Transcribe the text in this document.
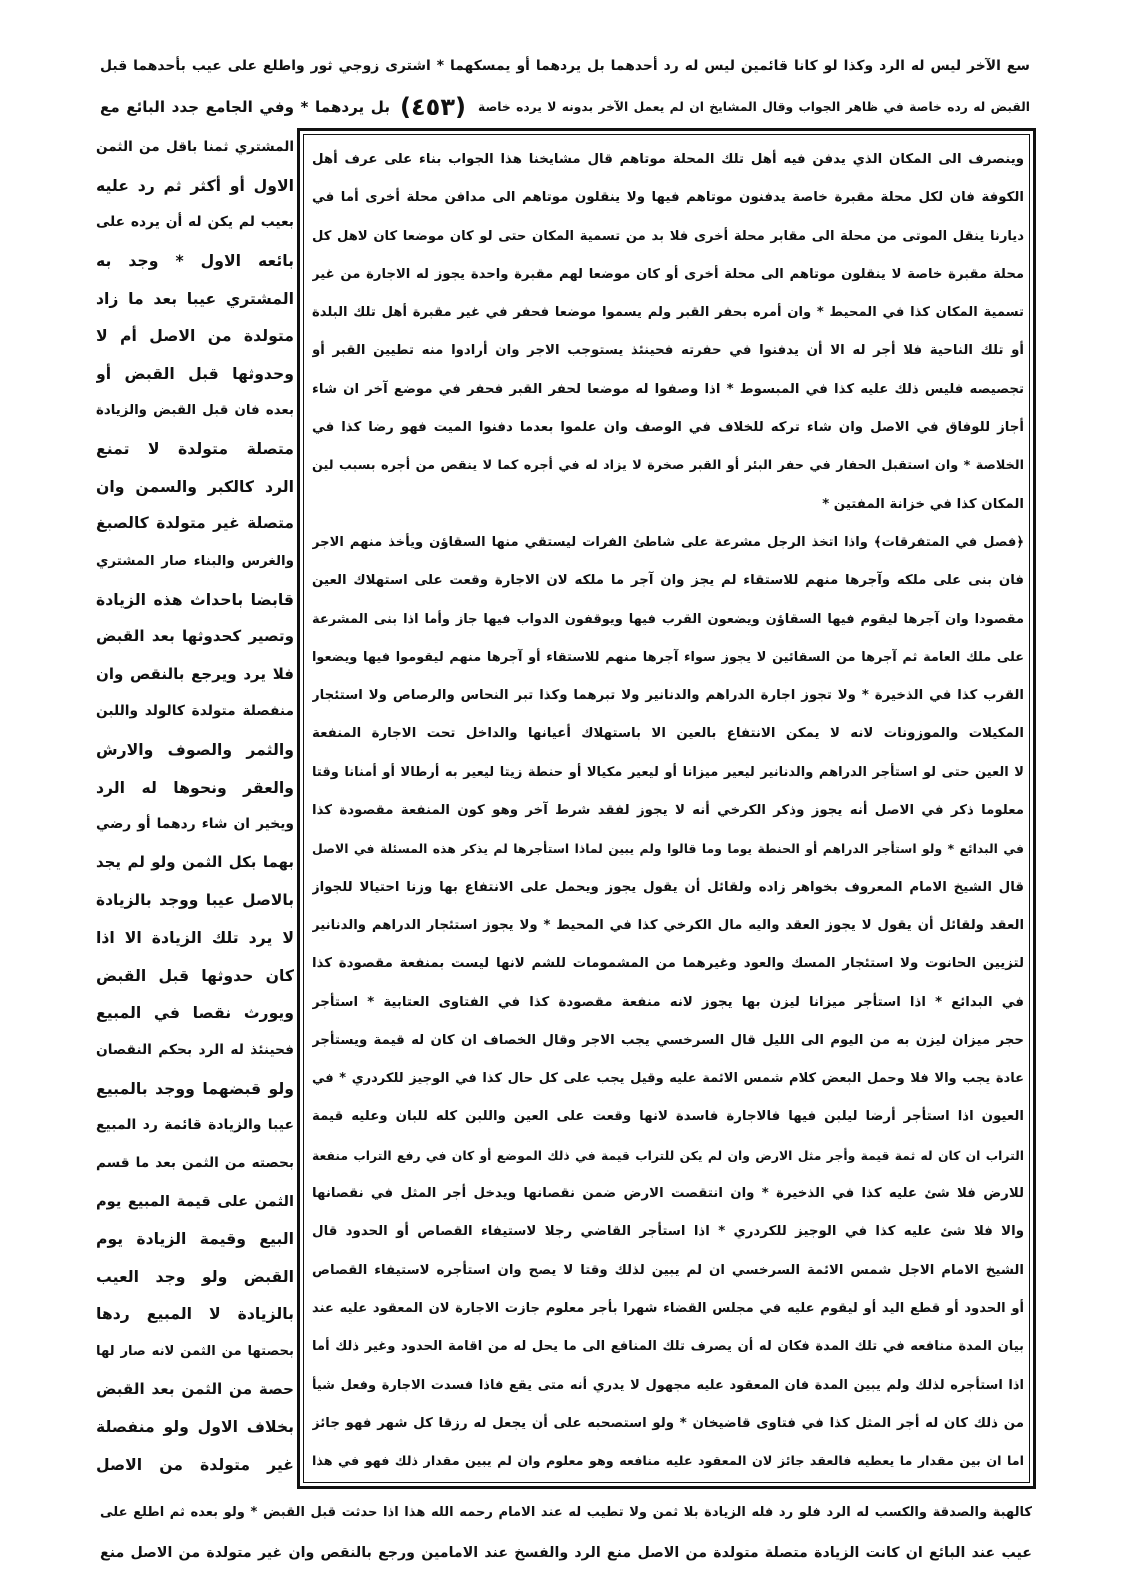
سع الآخر ليس له الرد وكذا لو كانا قائمين ليس له رد أحدهما بل يردهما أو يمسكهما * اشترى زوجي ثور واطلع على عيب بأحدهما قبل
القبض له رده خاصة في ظاهر الجواب وقال المشايخ ان لم يعمل الآخر بدونه لا يرده خاصة
(٤٥٣)
بل يردهما * وفي الجامع جدد البائع مع
وينصرف الى المكان الذي يدفن فيه أهل تلك المحلة موتاهم قال مشايخنا هذا الجواب بناء على عرف أهل
الكوفة فان لكل محلة مقبرة خاصة يدفنون موتاهم فيها ولا ينقلون موتاهم الى مدافن محلة أخرى أما في
ديارنا ينقل الموتى من محلة الى مقابر محلة أخرى فلا بد من تسمية المكان حتى لو كان موضعا كان لاهل كل
محلة مقبرة خاصة لا ينقلون موتاهم الى محلة أخرى أو كان موضعا لهم مقبرة واحدة يجوز له الاجارة من غير
تسمية المكان كذا في المحيط * وان أمره بحفر القبر ولم يسموا موضعا فحفر في غير مقبرة أهل تلك البلدة
أو تلك الناحية فلا أجر له الا أن يدفنوا في حفرته فحينئذ يستوجب الاجر وان أرادوا منه تطيين القبر أو
تجصيصه فليس ذلك عليه كذا في المبسوط * اذا وصفوا له موضعا لحفر القبر فحفر في موضع آخر ان شاء
أجاز للوفاق في الاصل وان شاء تركه للخلاف في الوصف وان علموا بعدما دفنوا الميت فهو رضا كذا في
الخلاصة * وان استقبل الحفار في حفر البئر أو القبر صخرة لا يزاد له في أجره كما لا ينقص من أجره بسبب لين
المكان كذا في خزانة المفتين *
﴿فصل في المتفرقات﴾ واذا اتخذ الرجل مشرعة على شاطئ الفرات ليستقي منها السقاؤن ويأخذ منهم الاجر
فان بنى على ملكه وآجرها منهم للاستقاء لم يجز وان آجر ما ملكه لان الاجارة وقعت على استهلاك العين
مقصودا وان آجرها ليقوم فيها السقاؤن ويضعون القرب فيها ويوقفون الدواب فيها جاز وأما اذا بنى المشرعة
على ملك العامة ثم آجرها من السقائين لا يجوز سواء آجرها منهم للاستقاء أو آجرها منهم ليقوموا فيها ويضعوا
القرب كذا في الذخيرة * ولا تجوز اجارة الدراهم والدنانير ولا تبرهما وكذا تبر النحاس والرصاص ولا استئجار
المكيلات والموزونات لانه لا يمكن الانتفاع بالعين الا باستهلاك أعيانها والداخل تحت الاجارة المنفعة
لا العين حتى لو استأجر الدراهم والدنانير ليعير ميزانا أو ليعير مكيالا أو حنطة زيتا ليعير به أرطالا أو أمنانا وقتا
معلوما ذكر في الاصل أنه يجوز وذكر الكرخي أنه لا يجوز لفقد شرط آخر وهو كون المنفعة مقصودة كذا
في البدائع * ولو استأجر الدراهم أو الحنطة يوما وما قالوا ولم يبين لماذا استأجرها لم يذكر هذه المسئلة في الاصل
قال الشيخ الامام المعروف بخواهر زاده ولقائل أن يقول يجوز ويحمل على الانتفاع بها وزنا احتيالا للجواز
العقد ولقائل أن يقول لا يجوز العقد واليه مال الكرخي كذا في المحيط * ولا يجوز استئجار الدراهم والدنانير
لتزيين الحانوت ولا استئجار المسك والعود وغيرهما من المشمومات للشم لانها ليست بمنفعة مقصودة كذا
في البدائع * اذا استأجر ميزانا ليزن بها يجوز لانه منفعة مقصودة كذا في الفتاوى العتابية * استأجر
حجر ميزان ليزن به من اليوم الى الليل قال السرخسي يجب الاجر وقال الخصاف ان كان له قيمة ويستأجر
عادة يجب والا فلا وحمل البعض كلام شمس الائمة عليه وقيل يجب على كل حال كذا في الوجيز للكردري * في
العيون اذا استأجر أرضا ليلبن فيها فالاجارة فاسدة لانها وقعت على العين واللبن كله للبان وعليه قيمة
التراب ان كان له ثمة قيمة وأجر مثل الارض وان لم يكن للتراب قيمة في ذلك الموضع أو كان في رفع التراب منفعة
للارض فلا شئ عليه كذا في الذخيرة * وان انتقصت الارض ضمن نقصانها ويدخل أجر المثل في نقصانها
والا فلا شئ عليه كذا في الوجيز للكردري * اذا استأجر القاضي رجلا لاستيفاء القصاص أو الحدود قال
الشيخ الامام الاجل شمس الائمة السرخسي ان لم يبين لذلك وقتا لا يصح وان استأجره لاستيفاء القصاص
أو الحدود أو قطع اليد أو ليقوم عليه في مجلس القضاء شهرا بأجر معلوم جازت الاجارة لان المعقود عليه عند
بيان المدة منافعه في تلك المدة فكان له أن يصرف تلك المنافع الى ما يحل له من اقامة الحدود وغير ذلك أما
اذا استأجره لذلك ولم يبين المدة فان المعقود عليه مجهول لا يدري أنه متى يقع فاذا فسدت الاجارة وفعل شيأ
من ذلك كان له أجر المثل كذا في فتاوى قاضيخان * ولو استصحبه على أن يجعل له رزقا كل شهر فهو جائز
اما ان بين مقدار ما يعطيه فالعقد جائز لان المعقود عليه منافعه وهو معلوم وان لم يبين مقدار ذلك فهو في هذا
المشتري ثمنا باقل من الثمن
الاول أو أكثر ثم رد عليه
بعيب لم يكن له أن يرده على
بائعه الاول * وجد به
المشتري عيبا بعد ما زاد
متولدة من الاصل أم لا
وحدوثها قبل القبض أو
بعده فان قبل القبض والزيادة
متصلة متولدة لا تمنع
الرد كالكبر والسمن وان
متصلة غير متولدة كالصبغ
والغرس والبناء صار المشتري
قابضا باحداث هذه الزيادة
وتصير كحدوثها بعد القبض
فلا يرد ويرجع بالنقص وان
منفصلة متولدة كالولد واللبن
والثمر والصوف والارش
والعقر ونحوها له الرد
ويخير ان شاء ردهما أو رضي
بهما بكل الثمن ولو لم يجد
بالاصل عيبا ووجد بالزيادة
لا يرد تلك الزيادة الا اذا
كان حدوثها قبل القبض
ويورث نقصا في المبيع
فحينئذ له الرد بحكم النقصان
ولو قبضهما ووجد بالمبيع
عيبا والزيادة قائمة رد المبيع
بحصته من الثمن بعد ما قسم
الثمن على قيمة المبيع يوم
البيع وقيمة الزيادة يوم
القبض ولو وجد العيب
بالزيادة لا المبيع ردها
بحصتها من الثمن لانه صار لها
حصة من الثمن بعد القبض
بخلاف الاول ولو منفصلة
غير متولدة من الاصل
كالهبة والصدقة والكسب له الرد فلو رد فله الزيادة بلا ثمن ولا تطيب له عند الامام رحمه الله هذا اذا حدثت قبل القبض * ولو بعده ثم اطلع على
عيب عند البائع ان كانت الزيادة متصلة متولدة من الاصل منع الرد والفسخ عند الامامين ورجع بالنقص وان غير متولدة من الاصل منع
